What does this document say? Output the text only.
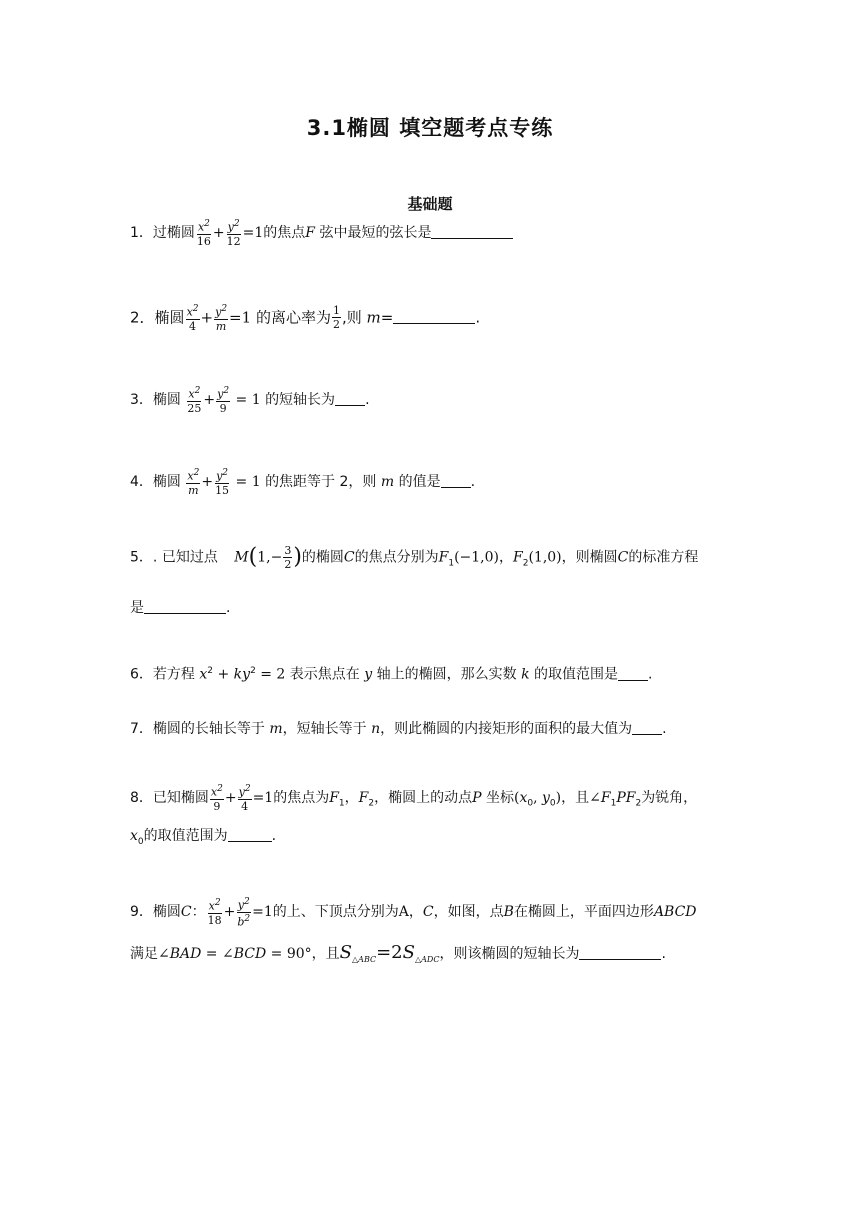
3.1椭圆 填空题考点专练
基础题
1．过椭圆 $\frac{x^2}{16} + \frac{y^2}{12} =1$的焦点F 弦中最短的弦长是
2．椭圆 $\frac{x^2}{4} + \frac{y^2}{m} =1$ 的离心率为 $\frac{1}{2}$ ,则 m=	.
3．椭圆 $\frac{x^2}{25} + \frac{y^2}{9} = 1$ 的短轴长为 .
4．椭圆 $\frac{x^2}{m} + \frac{y^2}{15} = 1$ 的焦距等于 2，则 m 的值是 .
5．. 已知过点 $M(1,- \frac{3}{2}$ )的椭圆C的焦点分别为$F_1(-1,0)$，$F_2(1,0)$，则椭圆C的标准方程
是	.
6．若方程 $x^2 + ky^2 = 2$ 表示焦点在 y 轴上的椭圆，那么实数 k 的取值范围是 .
7．椭圆的长轴长等于 m，短轴长等于 n，则此椭圆的内接矩形的面积的最大值为 .
8．已知椭圆 $\frac{x^2}{9} + \frac{y^2}{4} =1$的焦点为$F_1$，$F_2$，椭圆上的动点P 坐标($x_0$, $y_0$)，且$\angle F_1PF_2$为锐角，
$x_0$的取值范围为	.
9．椭圆C： $\frac{x^2}{18} + \frac{y^2}{b^2} =1$的上、下顶点分别为A，C，如图，点B在椭圆上，平面四边形ABCD
满足∠BAD = ∠BCD = 90°，且$S_{\triangle ABC}=2S_{\triangle ADC}$，则该椭圆的短轴长为	.
